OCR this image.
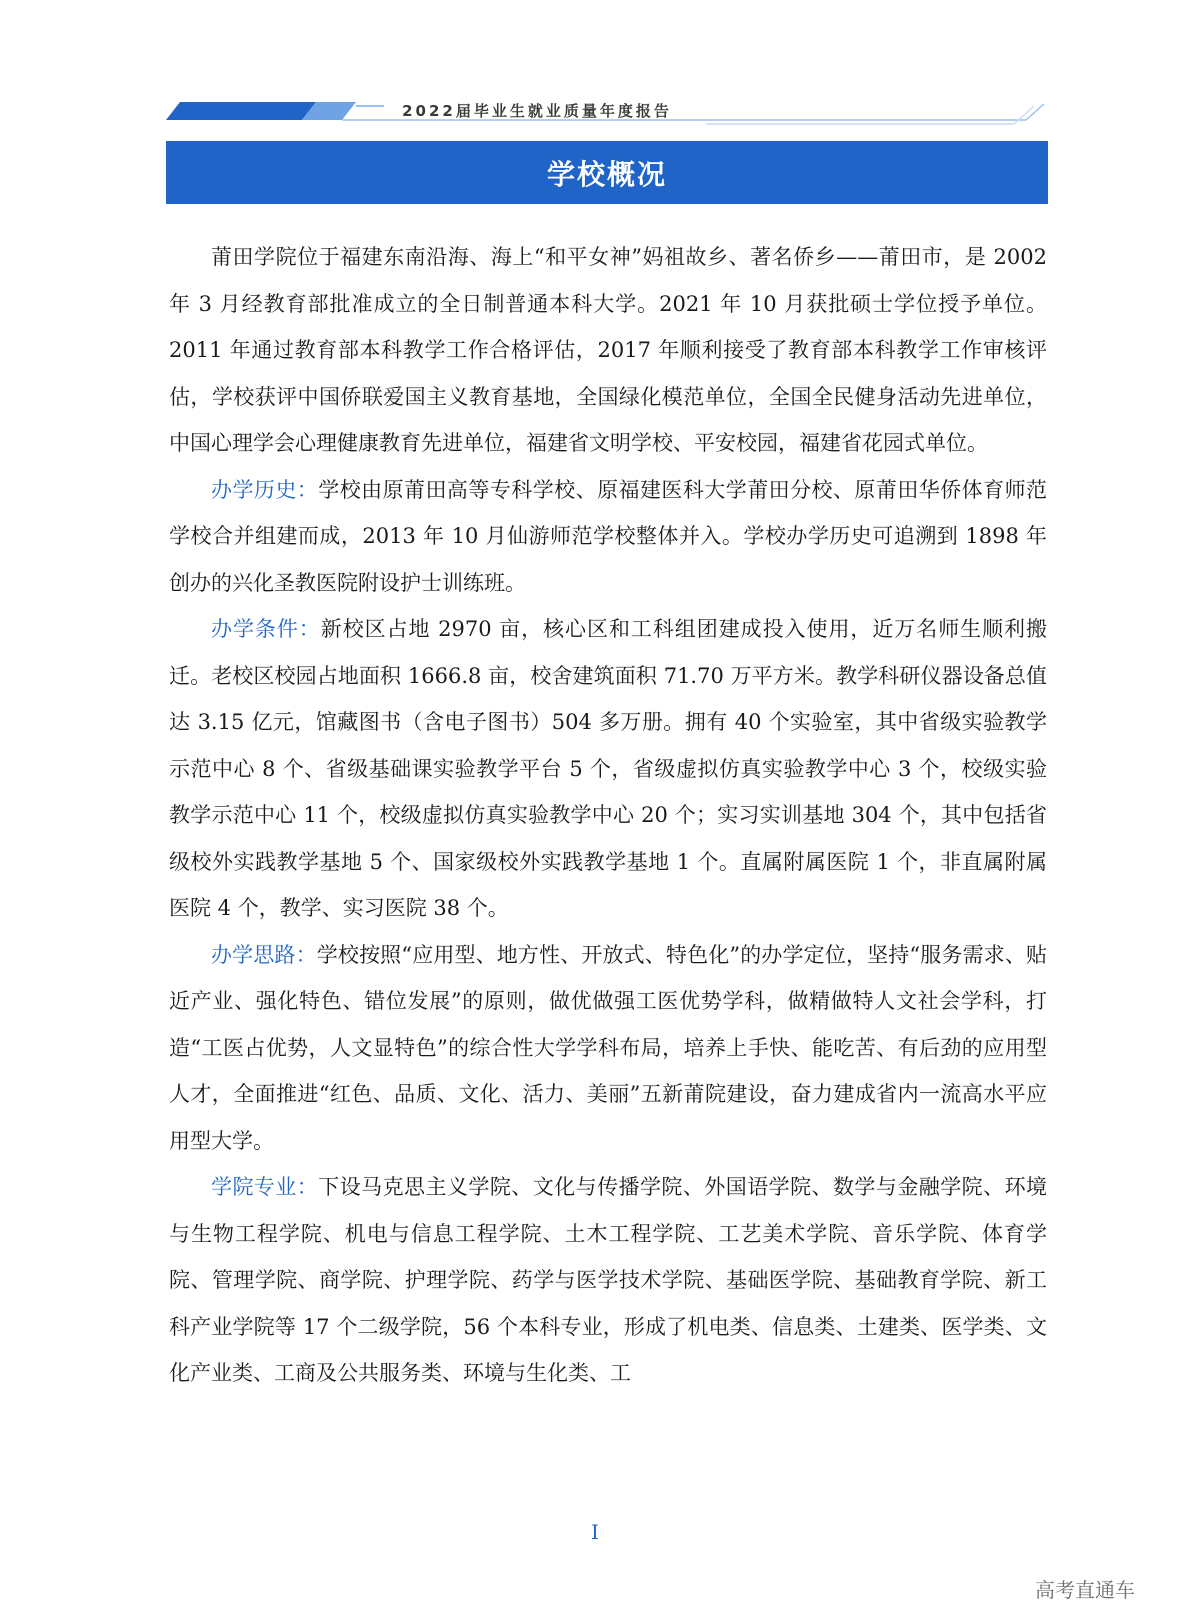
2022届毕业生就业质量年度报告
学校概况

莆田学院位于福建东南沿海、海上“和平女神”妈祖故乡、著名侨乡——莆田市，是 2002 年 3 月经教育部批准成立的全日制普通本科大学。2021 年 10 月获批硕士学位授予单位。2011 年通过教育部本科教学工作合格评估，2017 年顺利接受了教育部本科教学工作审核评估，学校获评中国侨联爱国主义教育基地，全国绿化模范单位，全国全民健身活动先进单位，中国心理学会心理健康教育先进单位，福建省文明学校、平安校园，福建省花园式单位。

办学历史：学校由原莆田高等专科学校、原福建医科大学莆田分校、原莆田华侨体育师范学校合并组建而成，2013 年 10 月仙游师范学校整体并入。学校办学历史可追溯到 1898 年创办的兴化圣教医院附设护士训练班。

办学条件：新校区占地 2970 亩，核心区和工科组团建成投入使用，近万名师生顺利搬迁。老校区校园占地面积 1666.8 亩，校舍建筑面积 71.70 万平方米。教学科研仪器设备总值达 3.15 亿元，馆藏图书（含电子图书）504 多万册。拥有 40 个实验室，其中省级实验教学示范中心 8 个、省级基础课实验教学平台 5 个，省级虚拟仿真实验教学中心 3 个，校级实验教学示范中心 11 个，校级虚拟仿真实验教学中心 20 个；实习实训基地 304 个，其中包括省级校外实践教学基地 5 个、国家级校外实践教学基地 1 个。直属附属医院 1 个，非直属附属医院 4 个，教学、实习医院 38 个。

办学思路：学校按照“应用型、地方性、开放式、特色化”的办学定位，坚持“服务需求、贴近产业、强化特色、错位发展”的原则，做优做强工医优势学科，做精做特人文社会学科，打造“工医占优势，人文显特色”的综合性大学学科布局，培养上手快、能吃苦、有后劲的应用型人才，全面推进“红色、品质、文化、活力、美丽”五新莆院建设，奋力建成省内一流高水平应用型大学。

学院专业：下设马克思主义学院、文化与传播学院、外国语学院、数学与金融学院、环境与生物工程学院、机电与信息工程学院、土木工程学院、工艺美术学院、音乐学院、体育学院、管理学院、商学院、护理学院、药学与医学技术学院、基础医学院、基础教育学院、新工科产业学院等 17 个二级学院，56 个本科专业，形成了机电类、信息类、土建类、医学类、文化产业类、工商及公共服务类、环境与生化类、工

I
高考直通车
